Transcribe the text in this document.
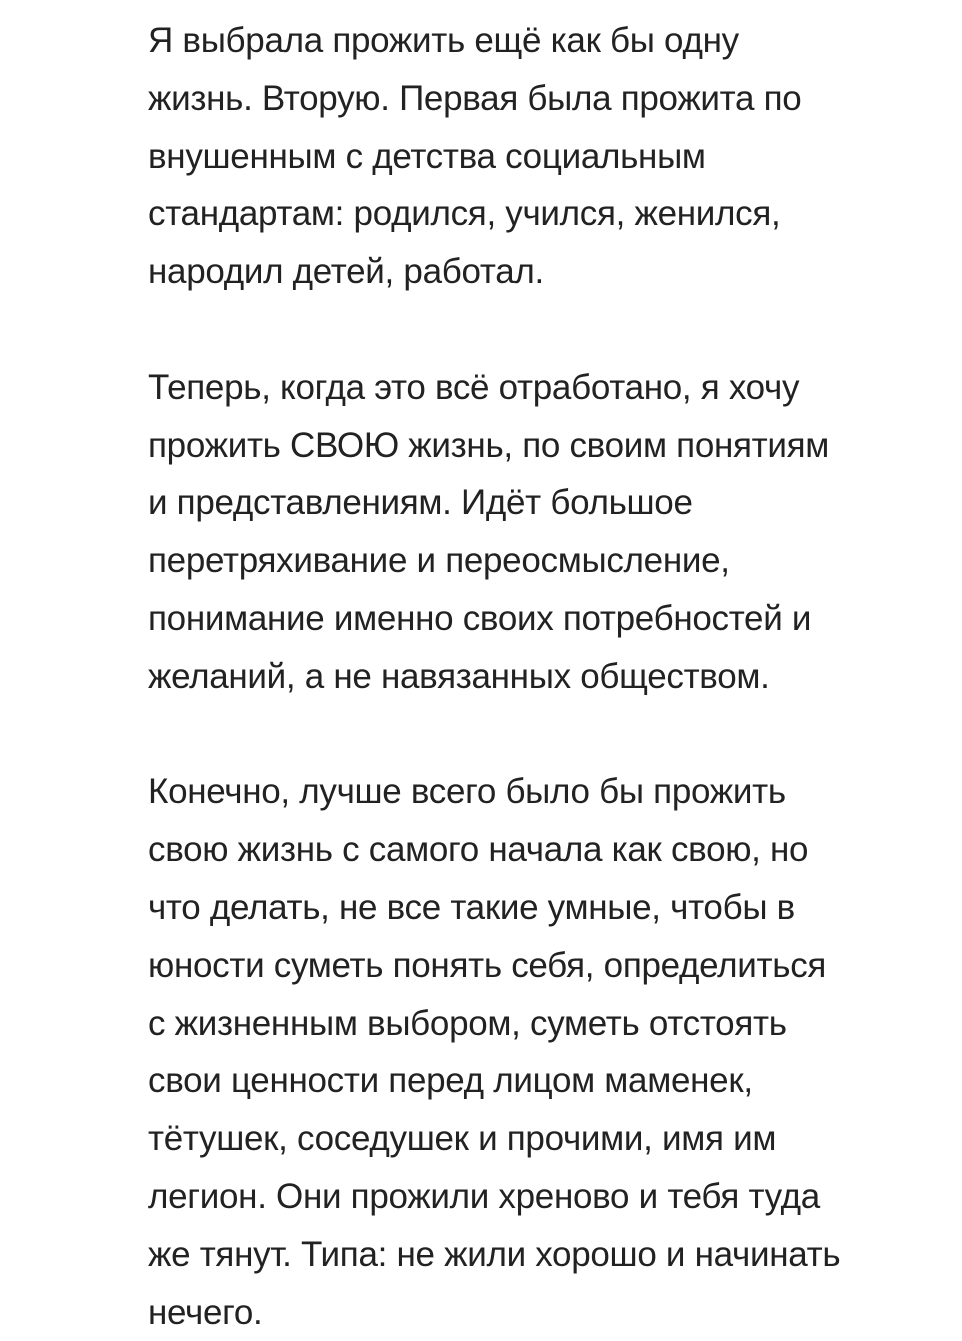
Я выбрала прожить ещё как бы одну
жизнь. Вторую. Первая была прожита по
внушенным с детства социальным
стандартам: родился, учился, женился,
народил детей, работал.

Теперь, когда это всё отработано, я хочу
прожить СВОЮ жизнь, по своим понятиям
и представлениям. Идёт большое
перетряхивание и переосмысление,
понимание именно своих потребностей и
желаний, а не навязанных обществом.

Конечно, лучше всего было бы прожить
свою жизнь с самого начала как свою, но
что делать, не все такие умные, чтобы в
юности суметь понять себя, определиться
с жизненным выбором, суметь отстоять
свои ценности перед лицом маменек,
тётушек, соседушек и прочими, имя им
легион. Они прожили хреново и тебя туда
же тянут. Типа: не жили хорошо и начинать
нечего.
